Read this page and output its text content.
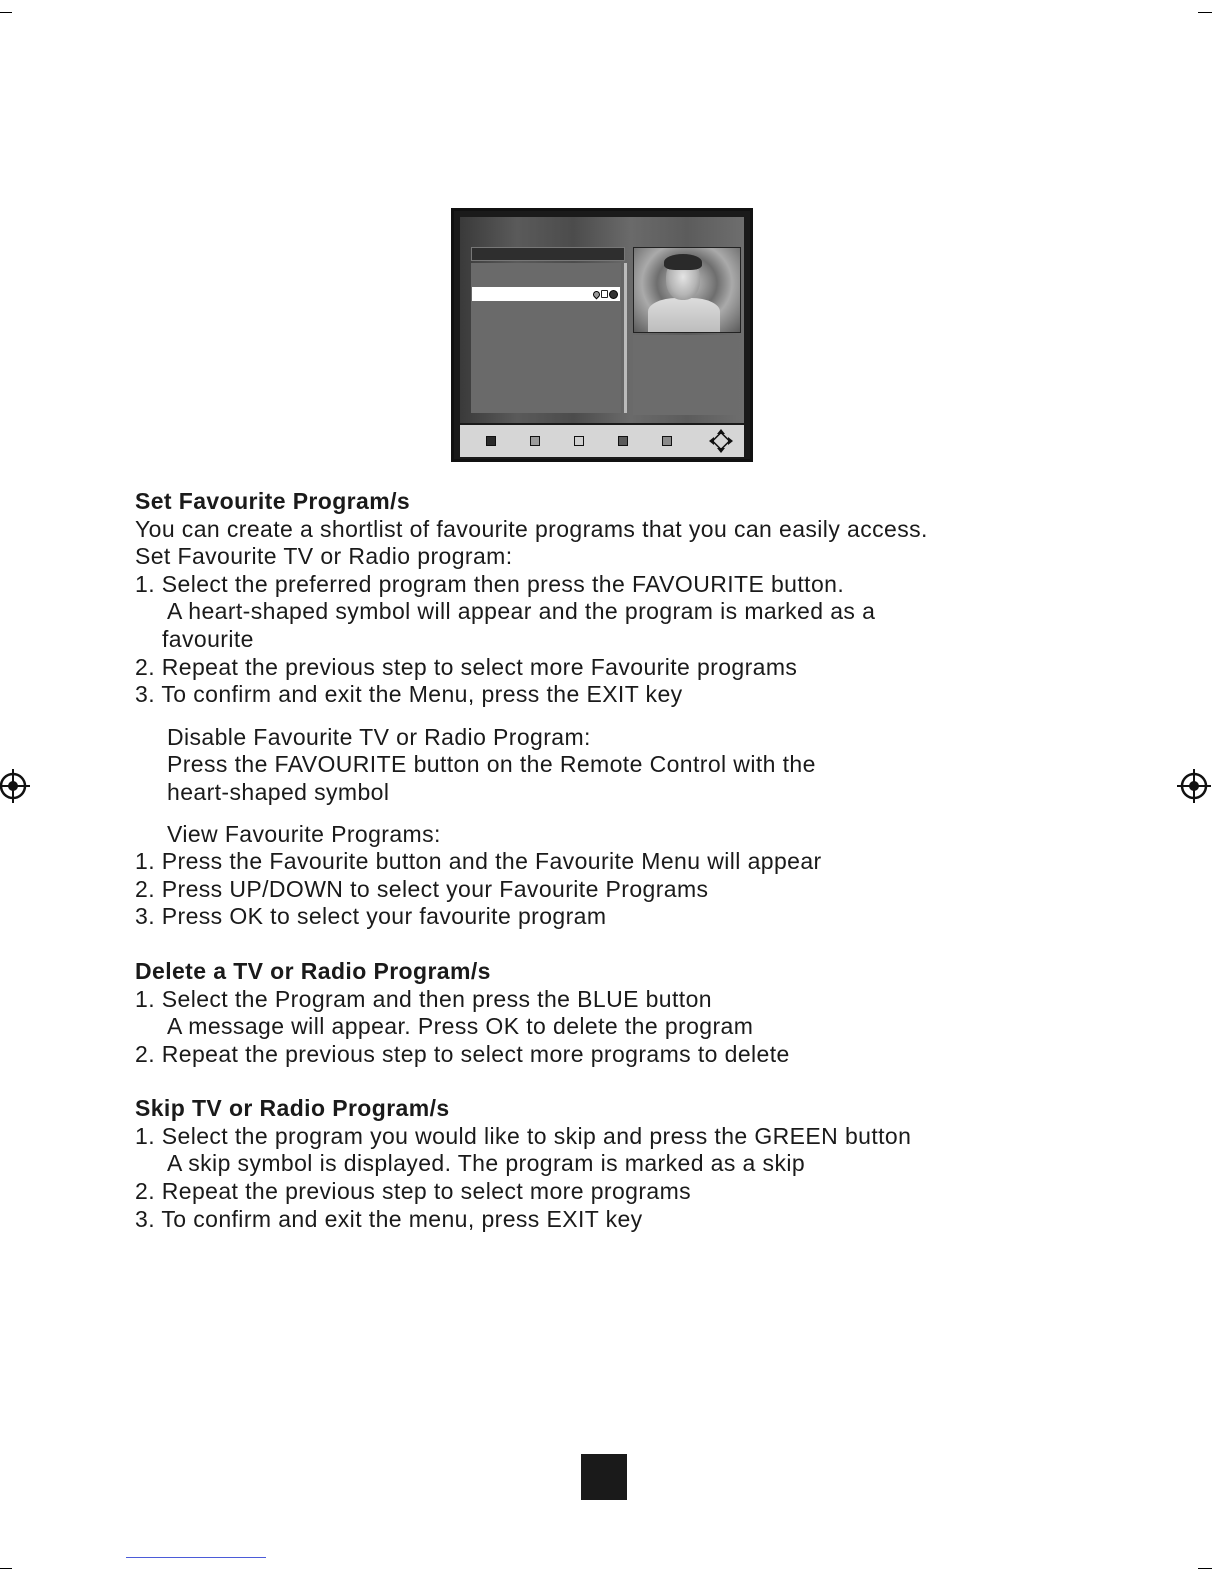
Set Favourite Program/s

You can create a shortlist of favourite programs that you can easily access.

Set Favourite TV or Radio program:

1. Select the preferred program then press the FAVOURITE button.

A heart-shaped symbol will appear and the program is marked as a

favourite

2. Repeat the previous step to select more Favourite programs

3. To confirm and exit the Menu, press the EXIT key

Disable Favourite TV or Radio Program:

Press the FAVOURITE button on the Remote Control with the

heart-shaped symbol

View Favourite Programs:

1. Press the Favourite button and the Favourite Menu will appear

2. Press UP/DOWN to select your Favourite Programs

3. Press OK to select your favourite program

Delete a TV or Radio Program/s

1. Select the Program and then press the BLUE button

A message will appear. Press OK to delete the program

2. Repeat the previous step to select more programs to delete

Skip TV or Radio Program/s

1. Select the program you would like to skip and press the GREEN button

A skip symbol is displayed. The program is marked as a skip

2. Repeat the previous step to select more programs

3. To confirm and exit the menu, press EXIT key
